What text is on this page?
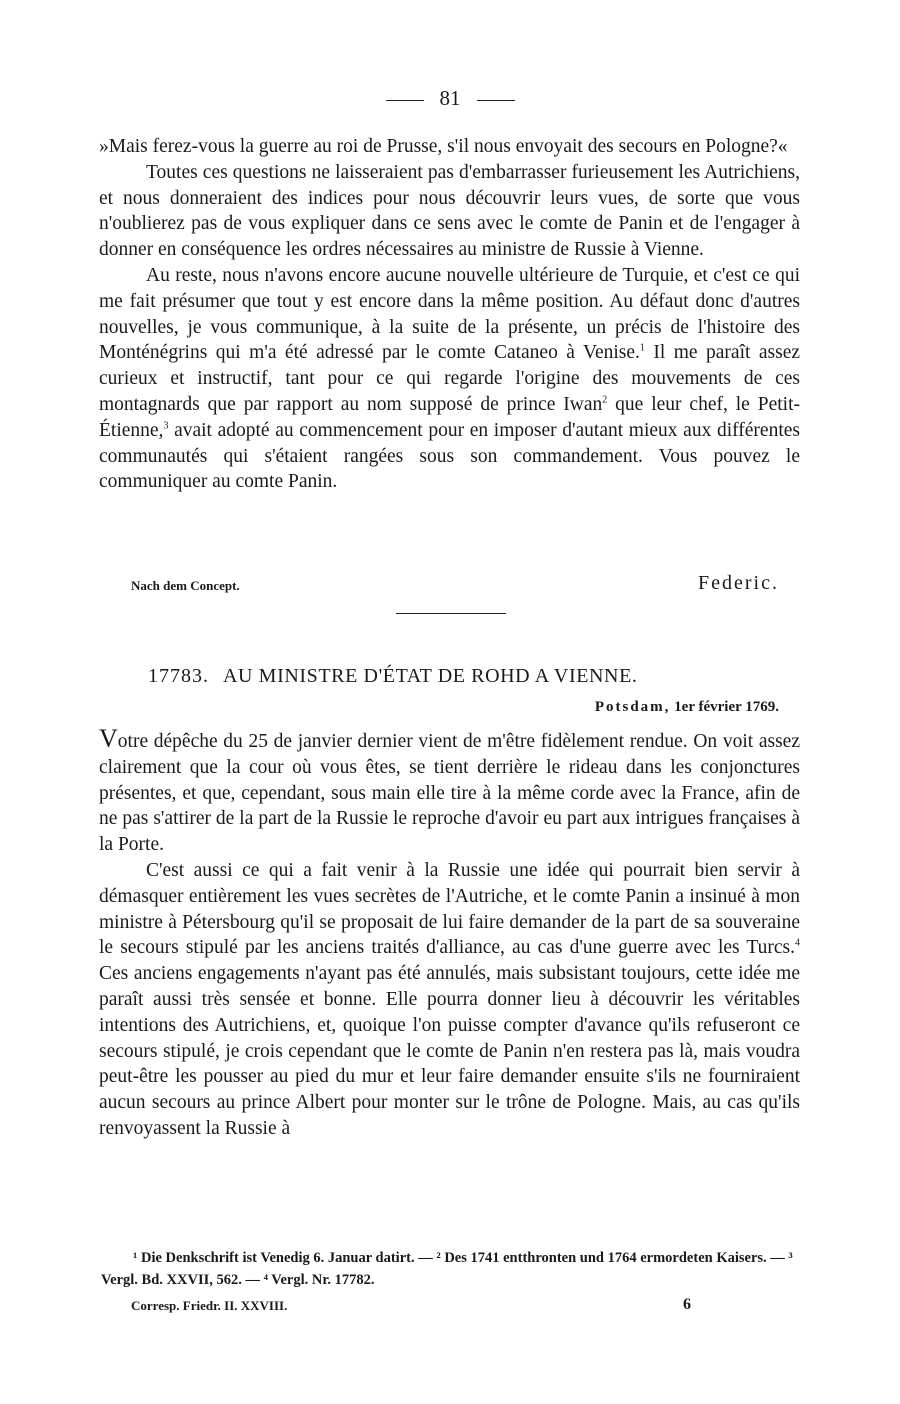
81

»Mais ferez-vous la guerre au roi de Prusse, s'il nous envoyait des secours en Pologne?«

Toutes ces questions ne laisseraient pas d'embarrasser furieusement les Autrichiens, et nous donneraient des indices pour nous découvrir leurs vues, de sorte que vous n'oublierez pas de vous expliquer dans ce sens avec le comte de Panin et de l'engager à donner en conséquence les ordres nécessaires au ministre de Russie à Vienne.

Au reste, nous n'avons encore aucune nouvelle ultérieure de Turquie, et c'est ce qui me fait présumer que tout y est encore dans la même position. Au défaut donc d'autres nouvelles, je vous communique, à la suite de la présente, un précis de l'histoire des Monténégrins qui m'a été adressé par le comte Cataneo à Venise.$^1$ Il me paraît assez curieux et instructif, tant pour ce qui regarde l'origine des mouvements de ces montagnards que par rapport au nom supposé de prince Iwan$^2$ que leur chef, le Petit-Étienne,$^3$ avait adopté au commencement pour en imposer d'autant mieux aux différentes communautés qui s'étaient rangées sous son commandement. Vous pouvez le communiquer au comte Panin.

Nach dem Concept.	Federic.
17783. AU MINISTRE D'ÉTAT DE ROHD A VIENNE.
Potsdam, 1er février 1769.

Votre dépêche du 25 de janvier dernier vient de m'être fidèlement rendue. On voit assez clairement que la cour où vous êtes, se tient derrière le rideau dans les conjonctures présentes, et que, cependant, sous main elle tire à la même corde avec la France, afin de ne pas s'attirer de la part de la Russie le reproche d'avoir eu part aux intrigues françaises à la Porte.

C'est aussi ce qui a fait venir à la Russie une idée qui pourrait bien servir à démasquer entièrement les vues secrètes de l'Autriche, et le comte Panin a insinué à mon ministre à Pétersbourg qu'il se proposait de lui faire demander de la part de sa souveraine le secours stipulé par les anciens traités d'alliance, au cas d'une guerre avec les Turcs.$^4$ Ces anciens engagements n'ayant pas été annulés, mais subsistant toujours, cette idée me paraît aussi très sensée et bonne. Elle pourra donner lieu à découvrir les véritables intentions des Autrichiens, et, quoique l'on puisse compter d'avance qu'ils refuseront ce secours stipulé, je crois cependant que le comte de Panin n'en restera pas là, mais voudra peut-être les pousser au pied du mur et leur faire demander ensuite s'ils ne fourniraient aucun secours au prince Albert pour monter sur le trône de Pologne. Mais, au cas qu'ils renvoyassent la Russie à

¹ Die Denkschrift ist Venedig 6. Januar datirt. — ² Des 1741 entthronten und 1764 ermordeten Kaisers. — ³ Vergl. Bd. XXVII, 562. — ⁴ Vergl. Nr. 17782.

Corresp. Friedr. II. XXVIII.	6
